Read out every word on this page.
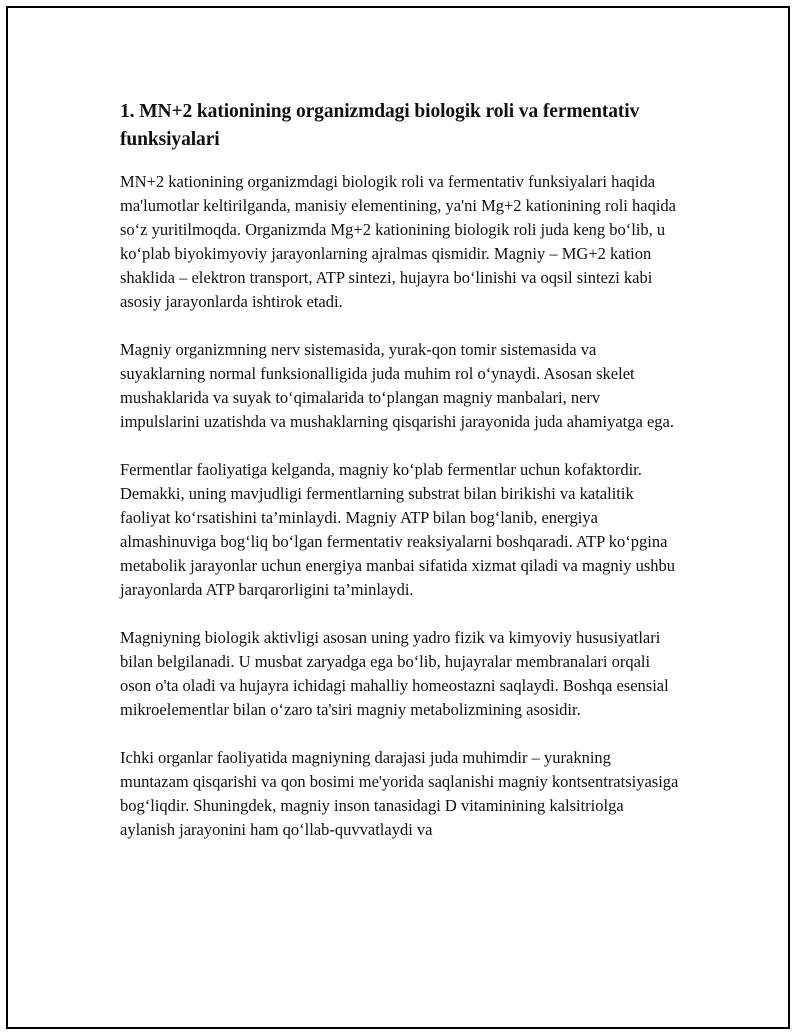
1. MN+2 kationining organizmdagi biologik roli va fermentativ funksiyalari

MN+2 kationining organizmdagi biologik roli va fermentativ funksiyalari haqida ma'lumotlar keltirilganda, manisiy elementining, ya'ni Mg+2 kationining roli haqida so‘z yuritilmoqda. Organizmda Mg+2 kationining biologik roli juda keng bo‘lib, u ko‘plab biyokimyoviy jarayonlarning ajralmas qismidir. Magniy – MG+2 kation shaklida – elektron transport, ATP sintezi, hujayra bo‘linishi va oqsil sintezi kabi asosiy jarayonlarda ishtirok etadi.

Magniy organizmning nerv sistemasida, yurak-qon tomir sistemasida va suyaklarning normal funksionalligida juda muhim rol o‘ynaydi. Asosan skelet mushaklarida va suyak to‘qimalarida to‘plangan magniy manbalari, nerv impulslarini uzatishda va mushaklarning qisqarishi jarayonida juda ahamiyatga ega.

Fermentlar faoliyatiga kelganda, magniy ko‘plab fermentlar uchun kofaktordir. Demakki, uning mavjudligi fermentlarning substrat bilan birikishi va katalitik faoliyat ko‘rsatishini ta’minlaydi. Magniy ATP bilan bog‘lanib, energiya almashinuviga bog‘liq bo‘lgan fermentativ reaksiyalarni boshqaradi. ATP ko‘pgina metabolik jarayonlar uchun energiya manbai sifatida xizmat qiladi va magniy ushbu jarayonlarda ATP barqarorligini ta’minlaydi.

Magniyning biologik aktivligi asosan uning yadro fizik va kimyoviy hususiyatlari bilan belgilanadi. U musbat zaryadga ega bo‘lib, hujayralar membranalari orqali oson o'ta oladi va hujayra ichidagi mahalliy homeostazni saqlaydi. Boshqa esensial mikroelementlar bilan o‘zaro ta'siri magniy metabolizmining asosidir.

Ichki organlar faoliyatida magniyning darajasi juda muhimdir – yurakning muntazam qisqarishi va qon bosimi me'yorida saqlanishi magniy kontsentratsiyasiga bog‘liqdir. Shuningdek, magniy inson tanasidagi D vitaminining kalsitriolga aylanish jarayonini ham qo‘llab-quvvatlaydi va
